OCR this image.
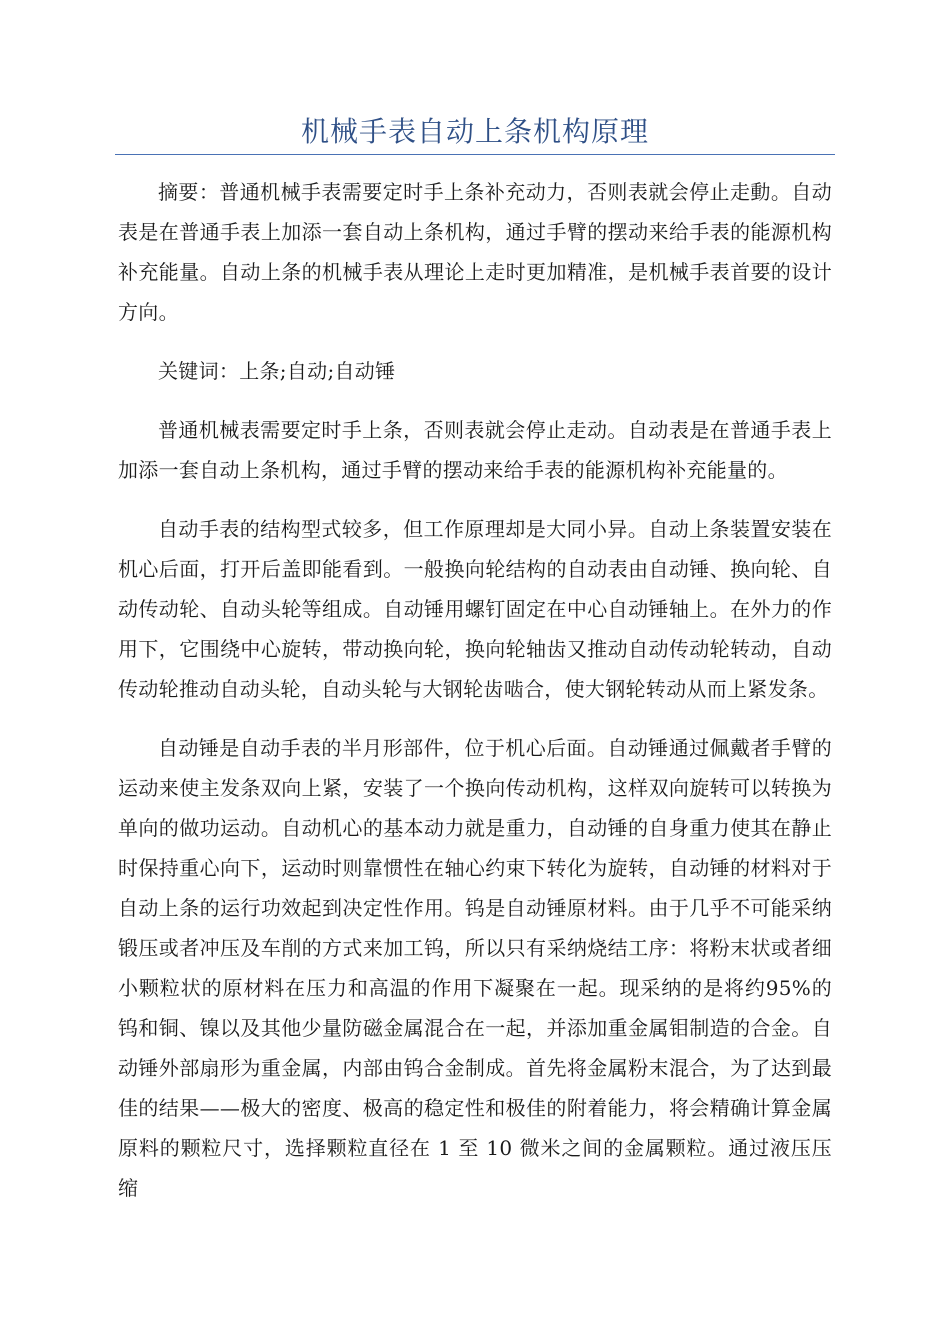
机械手表自动上条机构原理

摘要：普通机械手表需要定时手上条补充动力，否则表就会停止走動。自动表是在普通手表上加添一套自动上条机构，通过手臂的摆动来给手表的能源机构补充能量。自动上条的机械手表从理论上走时更加精准，是机械手表首要的设计方向。

关键词：上条;自动;自动锤

普通机械表需要定时手上条，否则表就会停止走动。自动表是在普通手表上加添一套自动上条机构，通过手臂的摆动来给手表的能源机构补充能量的。

自动手表的结构型式较多，但工作原理却是大同小异。自动上条装置安装在机心后面，打开后盖即能看到。一般换向轮结构的自动表由自动锤、换向轮、自动传动轮、自动头轮等组成。自动锤用螺钉固定在中心自动锤轴上。在外力的作用下，它围绕中心旋转，带动换向轮，换向轮轴齿又推动自动传动轮转动，自动传动轮推动自动头轮，自动头轮与大钢轮齿啮合，使大钢轮转动从而上紧发条。

自动锤是自动手表的半月形部件，位于机心后面。自动锤通过佩戴者手臂的运动来使主发条双向上紧，安装了一个换向传动机构，这样双向旋转可以转换为单向的做功运动。自动机心的基本动力就是重力，自动锤的自身重力使其在静止时保持重心向下，运动时则靠惯性在轴心约束下转化为旋转，自动锤的材料对于自动上条的运行功效起到决定性作用。钨是自动锤原材料。由于几乎不可能采纳锻压或者冲压及车削的方式来加工钨，所以只有采纳烧结工序：将粉末状或者细小颗粒状的原材料在压力和高温的作用下凝聚在一起。现采纳的是将约95%的钨和铜、镍以及其他少量防磁金属混合在一起，并添加重金属钼制造的合金。自动锤外部扇形为重金属，内部由钨合金制成。首先将金属粉末混合，为了达到最佳的结果——极大的密度、极高的稳定性和极佳的附着能力，将会精确计算金属原料的颗粒尺寸，选择颗粒直径在 1 至 10 微米之间的金属颗粒。通过液压压缩
